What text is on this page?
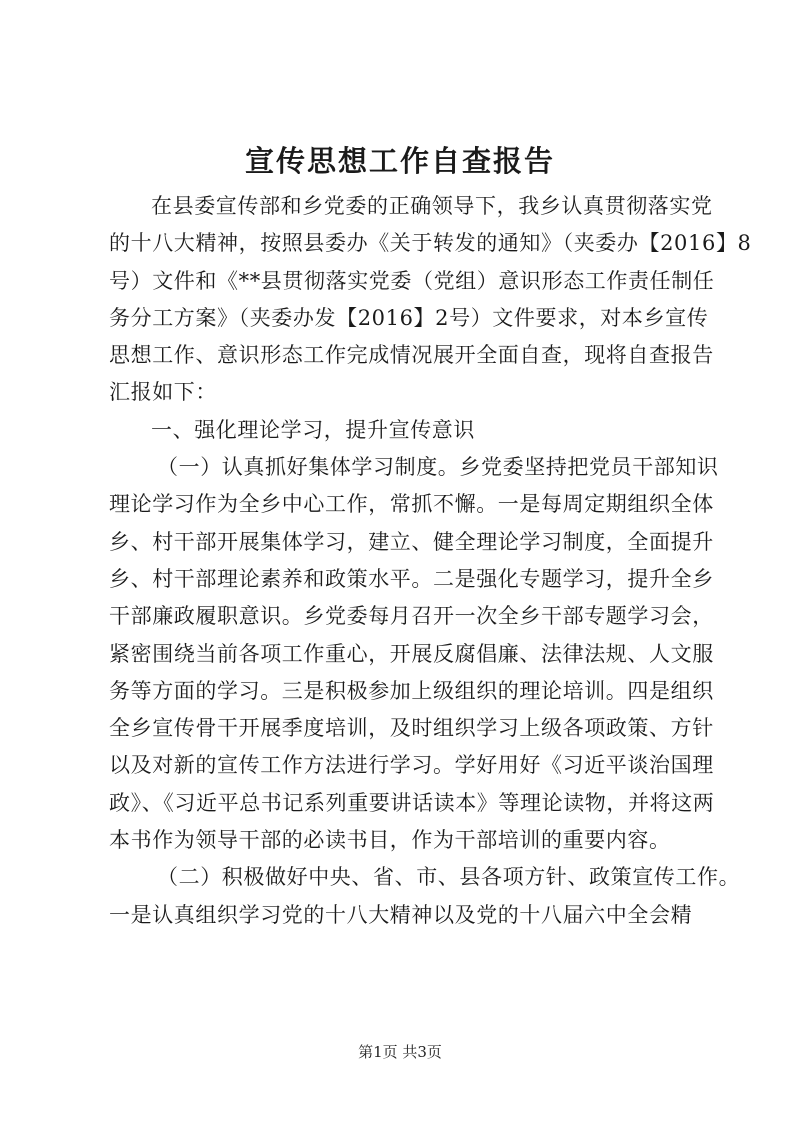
宣传思想工作自查报告
在县委宣传部和乡党委的正确领导下，我乡认真贯彻落实党
的十八大精神，按照县委办《关于转发的通知》（夹委办【2016】8
号）文件和《**县贯彻落实党委（党组）意识形态工作责任制任
务分工方案》（夹委办发【2016】2号）文件要求，对本乡宣传
思想工作、意识形态工作完成情况展开全面自查，现将自查报告
汇报如下：
一、强化理论学习，提升宣传意识
（一）认真抓好集体学习制度。乡党委坚持把党员干部知识
理论学习作为全乡中心工作，常抓不懈。一是每周定期组织全体
乡、村干部开展集体学习，建立、健全理论学习制度，全面提升
乡、村干部理论素养和政策水平。二是强化专题学习，提升全乡
干部廉政履职意识。乡党委每月召开一次全乡干部专题学习会，
紧密围绕当前各项工作重心，开展反腐倡廉、法律法规、人文服
务等方面的学习。三是积极参加上级组织的理论培训。四是组织
全乡宣传骨干开展季度培训，及时组织学习上级各项政策、方针
以及对新的宣传工作方法进行学习。学好用好《习近平谈治国理
政》、《习近平总书记系列重要讲话读本》等理论读物，并将这两
本书作为领导干部的必读书目，作为干部培训的重要内容。
（二）积极做好中央、省、市、县各项方针、政策宣传工作。
一是认真组织学习党的十八大精神以及党的十八届六中全会精
第1页 共3页
